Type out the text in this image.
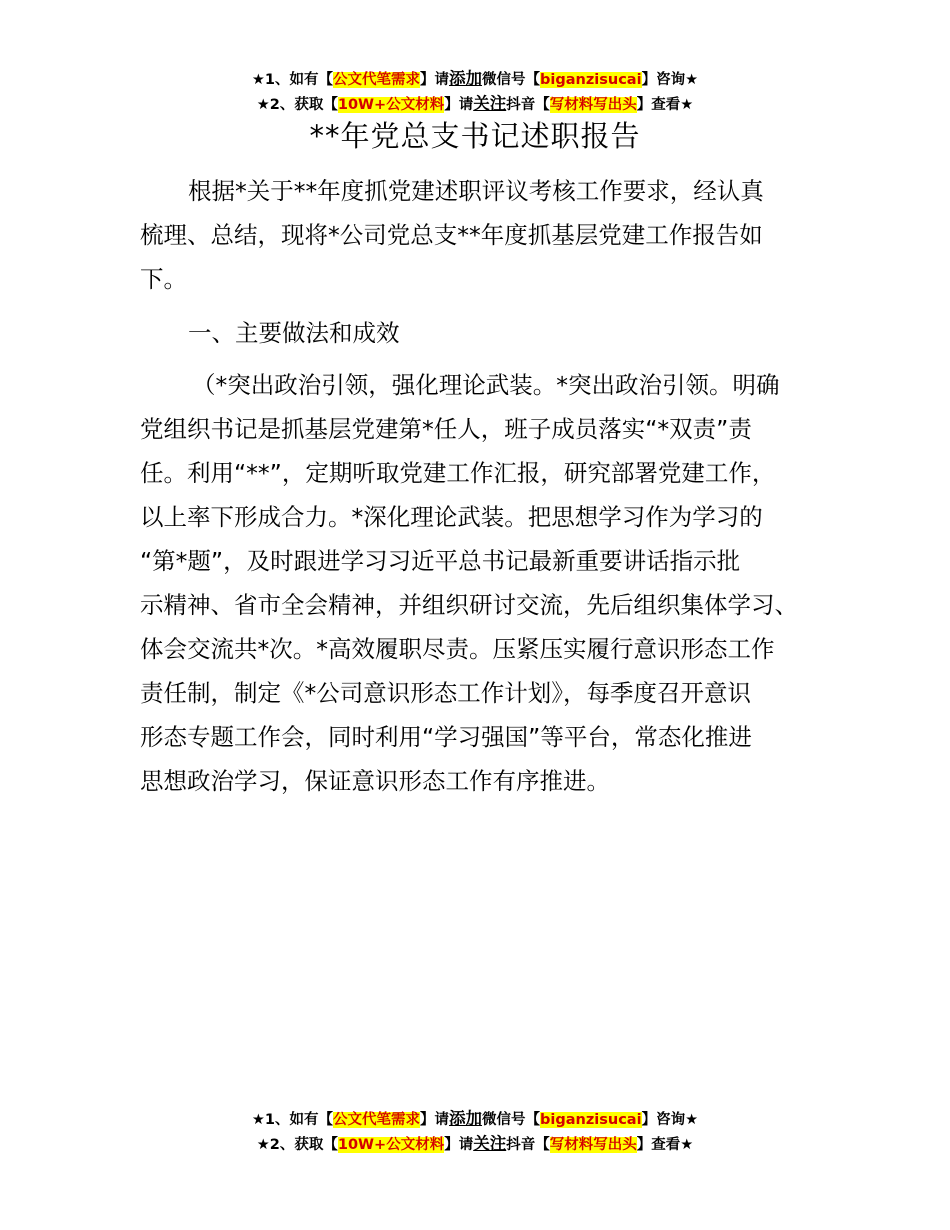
★1、如有【公文代笔需求】请添加微信号【biganzisucai】咨询★
★2、获取【10W+公文材料】请关注抖音【写材料写出头】查看★
**年党总支书记述职报告
根据*关于**年度抓党建述职评议考核工作要求，经认真
梳理、总结，现将*公司党总支**年度抓基层党建工作报告如
下。
一、主要做法和成效
（*突出政治引领，强化理论武装。*突出政治引领。明确
党组织书记是抓基层党建第*任人，班子成员落实“*双责”责
任。利用“**”，定期听取党建工作汇报，研究部署党建工作，
以上率下形成合力。*深化理论武装。把思想学习作为学习的
“第*题”，及时跟进学习习近平总书记最新重要讲话指示批
示精神、省市全会精神，并组织研讨交流，先后组织集体学习、
体会交流共*次。*高效履职尽责。压紧压实履行意识形态工作
责任制，制定《*公司意识形态工作计划》，每季度召开意识
形态专题工作会，同时利用“学习强国”等平台，常态化推进
思想政治学习，保证意识形态工作有序推进。
★1、如有【公文代笔需求】请添加微信号【biganzisucai】咨询★
★2、获取【10W+公文材料】请关注抖音【写材料写出头】查看★
